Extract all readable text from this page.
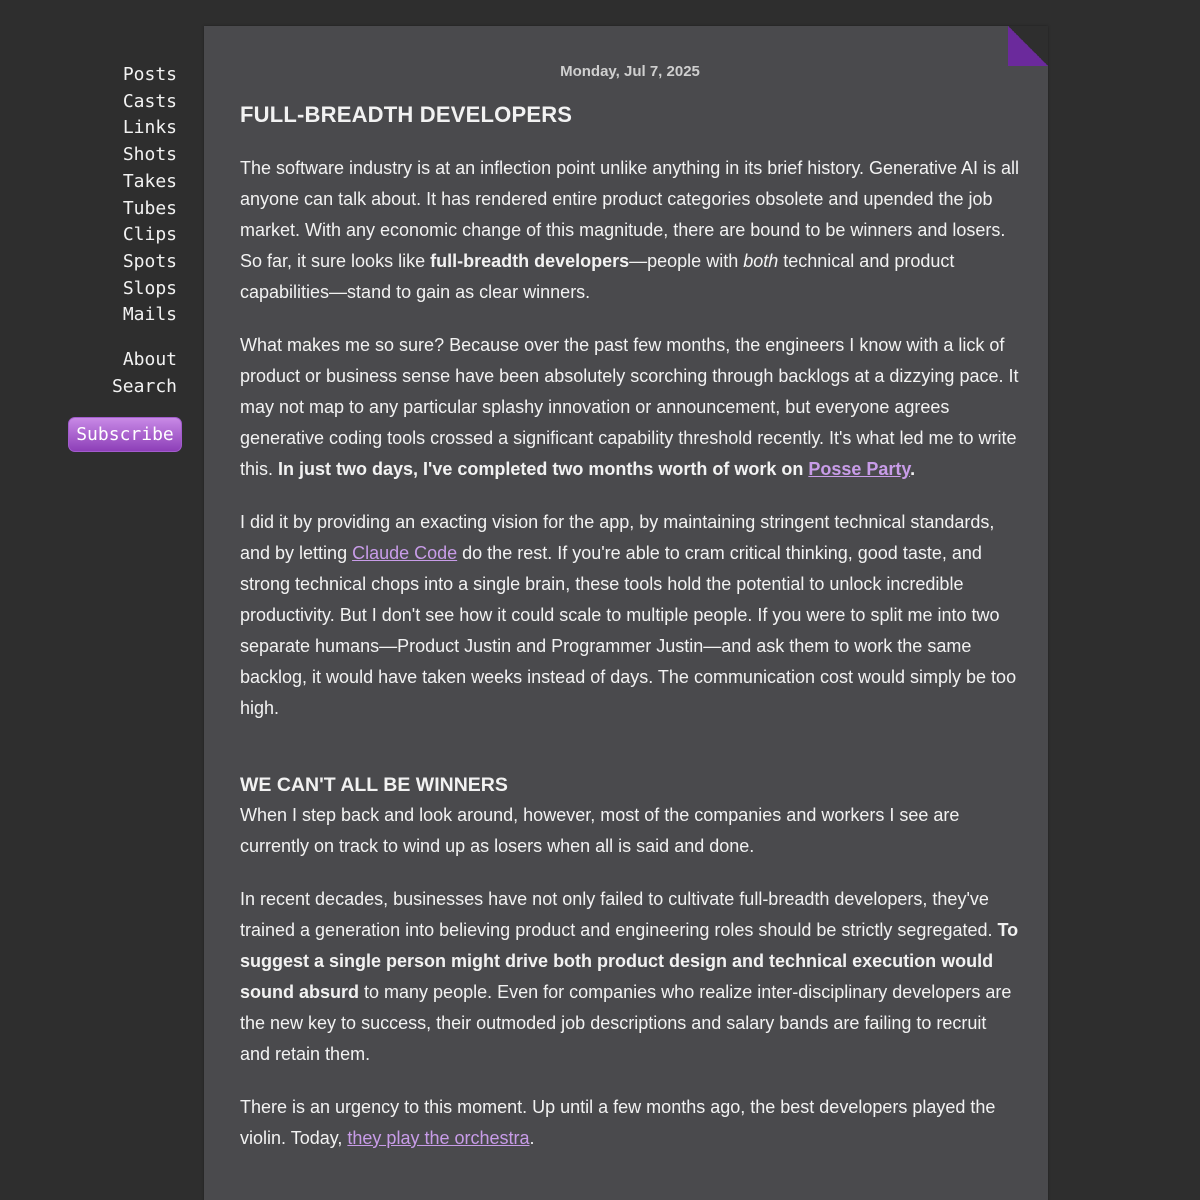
Posts
Casts
Links
Shots
Takes
Tubes
Clips
Spots
Slops
Mails
About
Search
Subscribe
Monday, Jul 7, 2025
FULL-BREADTH DEVELOPERS

The software industry is at an inflection point unlike anything in its brief history. Generative AI is all anyone can talk about. It has rendered entire product categories obsolete and upended the job market. With any economic change of this magnitude, there are bound to be winners and losers. So far, it sure looks like full-breadth developers—people with both technical and product capabilities—stand to gain as clear winners.

What makes me so sure? Because over the past few months, the engineers I know with a lick of product or business sense have been absolutely scorching through backlogs at a dizzying pace. It may not map to any particular splashy innovation or announcement, but everyone agrees generative coding tools crossed a significant capability threshold recently. It's what led me to write this. In just two days, I've completed two months worth of work on Posse Party.

I did it by providing an exacting vision for the app, by maintaining stringent technical standards, and by letting Claude Code do the rest. If you're able to cram critical thinking, good taste, and strong technical chops into a single brain, these tools hold the potential to unlock incredible productivity. But I don't see how it could scale to multiple people. If you were to split me into two separate humans—Product Justin and Programmer Justin—and ask them to work the same backlog, it would have taken weeks instead of days. The communication cost would simply be too high.

WE CAN'T ALL BE WINNERS

When I step back and look around, however, most of the companies and workers I see are currently on track to wind up as losers when all is said and done.

In recent decades, businesses have not only failed to cultivate full-breadth developers, they've trained a generation into believing product and engineering roles should be strictly segregated. To suggest a single person might drive both product design and technical execution would sound absurd to many people. Even for companies who realize inter-disciplinary developers are the new key to success, their outmoded job descriptions and salary bands are failing to recruit and retain them.

There is an urgency to this moment. Up until a few months ago, the best developers played the violin. Today, they play the orchestra.
